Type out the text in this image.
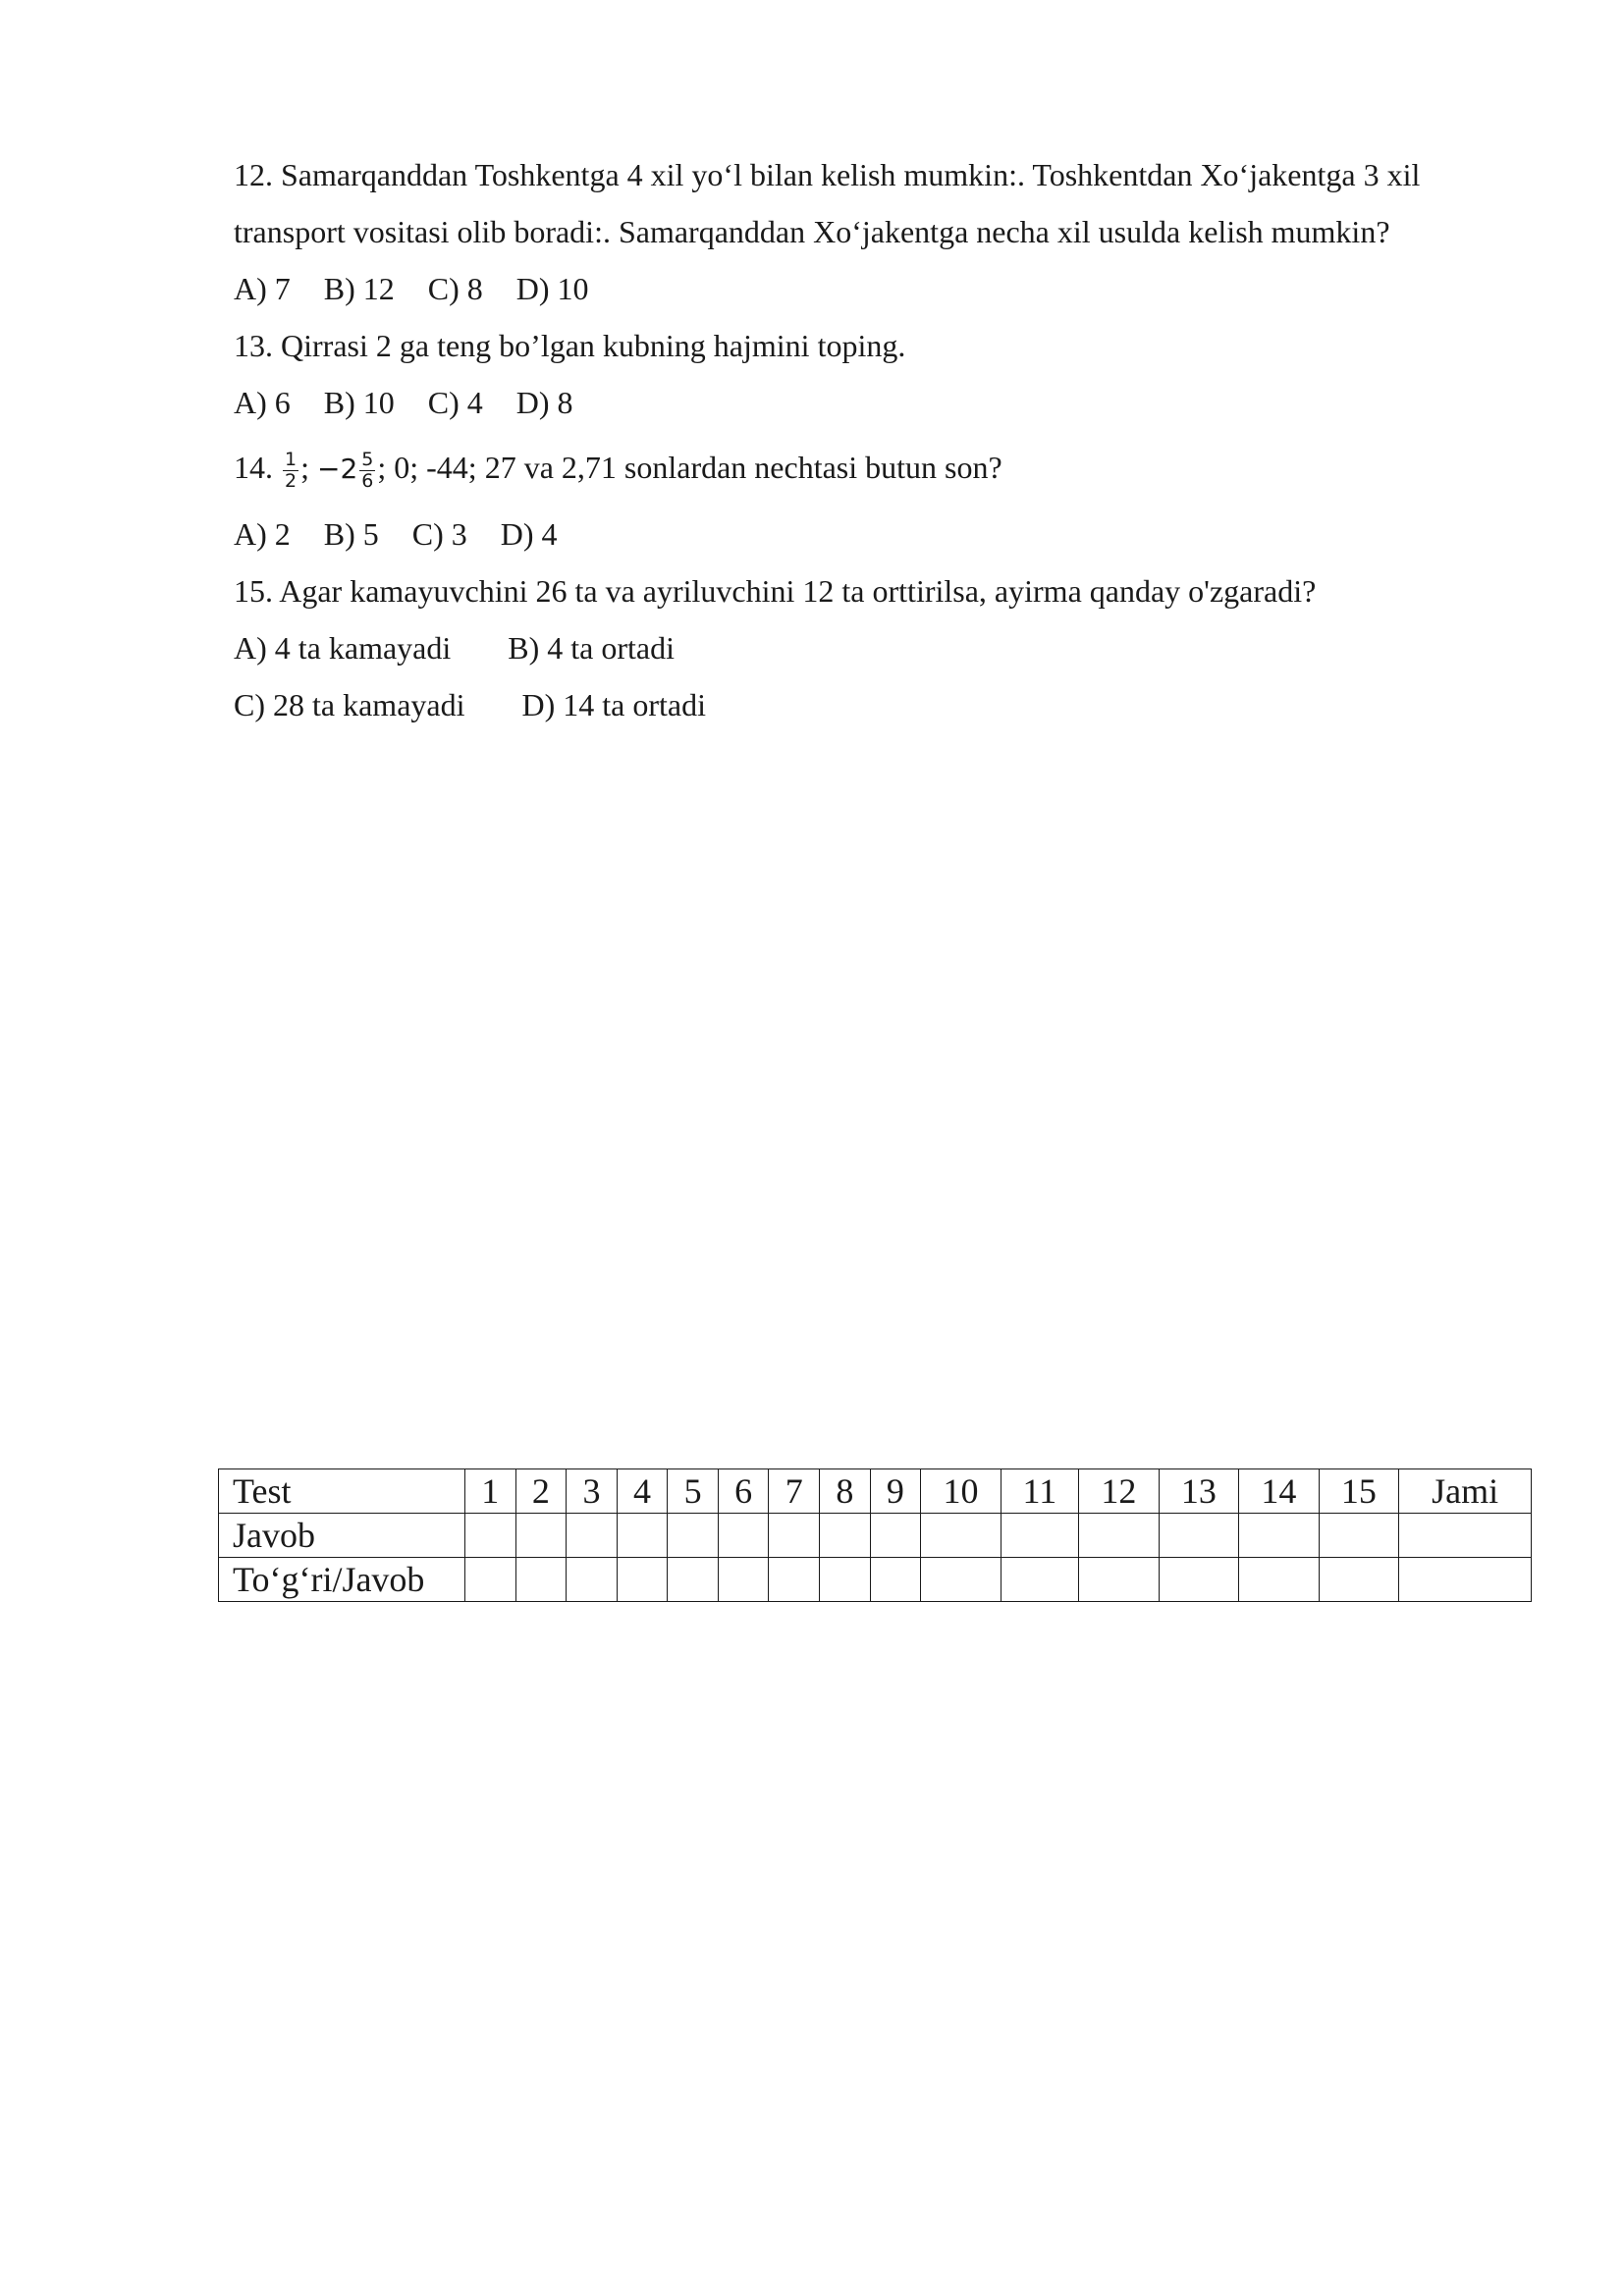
12. Samarqanddan Toshkentga 4 xil yo‘l bilan kelish mumkin:. Toshkentdan Xo‘jakentga 3 xil
transport vositasi olib boradi:. Samarqanddan Xo‘jakentga necha xil usulda kelish mumkin?
A) 7 B) 12 C) 8 D) 10
13. Qirrasi 2 ga teng bo’lgan kubning hajmini toping.
A) 6 B) 10 C) 4 D) 8
14. $\frac{1}{2}$ ; $-2 \frac{5}{6}$ ; 0; -44; 27 va 2,71 sonlardan nechtasi butun son?
A) 2 B) 5 C) 3 D) 4
15. Agar kamayuvchini 26 ta va ayriluvchini 12 ta orttirilsa, ayirma qanday o'zgaradi?
A) 4 ta kamayadi B) 4 ta ortadi
C) 28 ta kamayadi D) 14 ta ortadi
Test	1	2	3	4	5	6	7	8	9	10	11	12	13	14	15	Jami
Javob																
To‘g‘ri/Javob																
